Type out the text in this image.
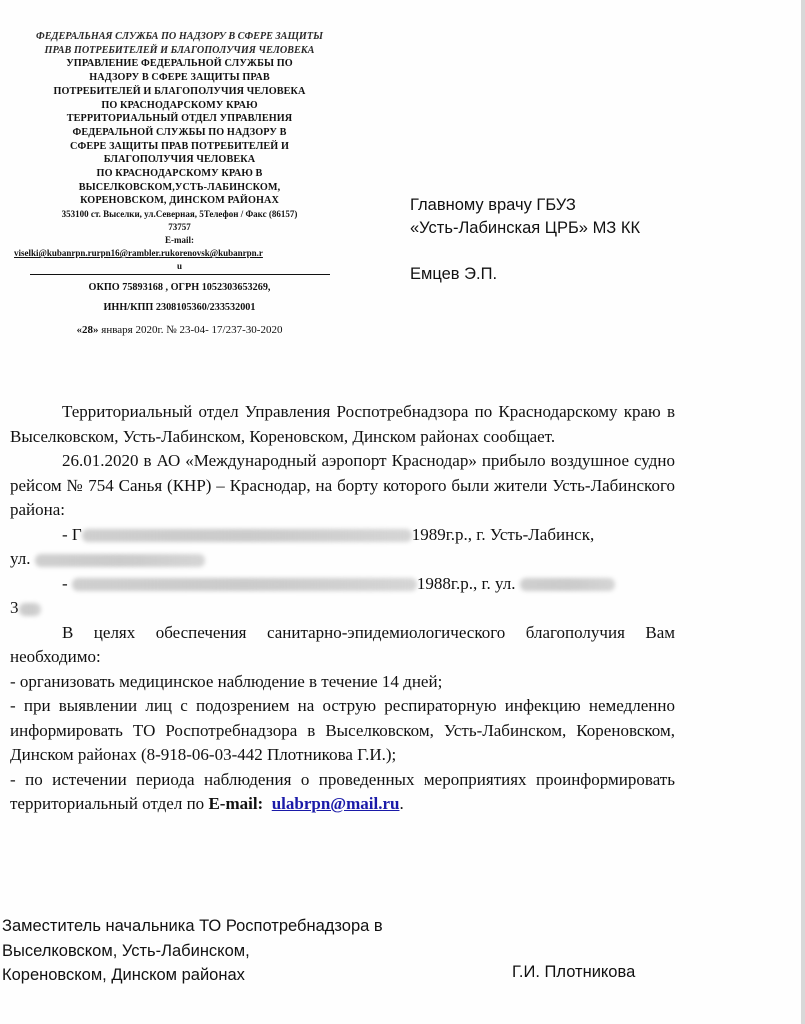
ФЕДЕРАЛЬНАЯ СЛУЖБА ПО НАДЗОРУ В СФЕРЕ ЗАЩИТЫ
ПРАВ ПОТРЕБИТЕЛЕЙ И БЛАГОПОЛУЧИЯ ЧЕЛОВЕКА
УПРАВЛЕНИЕ ФЕДЕРАЛЬНОЙ СЛУЖБЫ ПО
НАДЗОРУ В СФЕРЕ ЗАЩИТЫ ПРАВ
ПОТРЕБИТЕЛЕЙ И БЛАГОПОЛУЧИЯ ЧЕЛОВЕКА
ПО КРАСНОДАРСКОМУ КРАЮ
ТЕРРИТОРИАЛЬНЫЙ ОТДЕЛ УПРАВЛЕНИЯ
ФЕДЕРАЛЬНОЙ СЛУЖБЫ ПО НАДЗОРУ В
СФЕРЕ ЗАЩИТЫ ПРАВ ПОТРЕБИТЕЛЕЙ И
БЛАГОПОЛУЧИЯ ЧЕЛОВЕКА
ПО КРАСНОДАРСКОМУ КРАЮ В
ВЫСЕЛКОВСКОМ,УСТЬ-ЛАБИНСКОМ,
КОРЕНОВСКОМ, ДИНСКОМ РАЙОНАХ
353100 ст. Выселки, ул.Северная, 5Телефон / Факс (86157)
73757
E-mail:
viselki@kubanrpn.rurpn16@rambler.rukorenovsk@kubanrpn.r
u
ОКПО 75893168 , ОГРН 1052303653269,
ИНН/КПП 2308105360/233532001
«28» января 2020г. № 23-04- 17/237-30-2020
Главному врачу ГБУЗ
«Усть-Лабинская ЦРБ» МЗ КК
Емцев Э.П.

Территориальный отдел Управления Роспотребнадзора по Краснодарскому краю в Выселковском, Усть-Лабинском, Кореновском, Динском районах сообщает.

26.01.2020 в АО «Международный аэропорт Краснодар» прибыло воздушное судно рейсом № 754 Санья (КНР) – Краснодар, на борту которого были жители Усть-Лабинского района:

- Г	1989г.р., г. Усть-Лабинск,

ул.

-	1988г.р., г. ул.

3

В целях обеспечения санитарно-эпидемиологического благополучия Вам необходимо:

- организовать медицинское наблюдение в течение 14 дней;

- при выявлении лиц с подозрением на острую респираторную инфекцию немедленно информировать ТО Роспотребнадзора в Выселковском, Усть-Лабинском, Кореновском, Динском районах (8-918-06-03-442 Плотникова Г.И.);

- по истечении периода наблюдения о проведенных мероприятиях проинформировать территориальный отдел по E-mail: ulabrpn@mail.ru.

Заместитель начальника ТО Роспотребнадзора в
Выселковском, Усть-Лабинском,
Кореновском, Динском районах	Г.И. Плотникова
